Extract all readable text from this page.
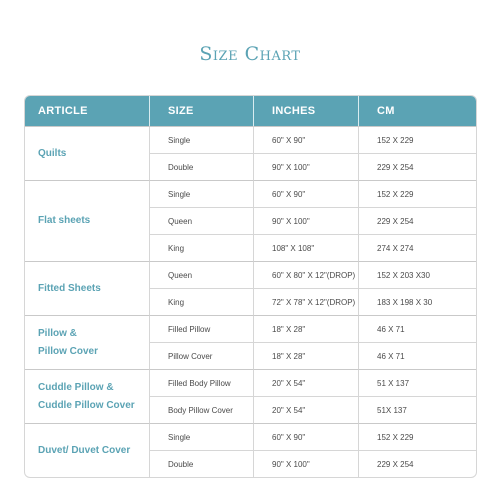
Size Chart
ARTICLE	SIZE	INCHES	CM
Quilts	Single	60" X 90"	152 X 229
	Double	90" X 100"	229 X 254
Flat sheets	Single	60" X 90"	152 X 229
	Queen	90" X 100"	229 X 254
	King	108" X 108"	274 X 274
Fitted Sheets	Queen	60" X 80" X 12"(DROP)	152 X 203 X30
	King	72" X 78" X 12"(DROP)	183 X 198 X 30
Pillow &
Pillow Cover	Filled Pillow	18" X 28"	46 X 71
	Pillow Cover	18" X 28"	46 X 71
Cuddle Pillow &
Cuddle Pillow Cover	Filled Body Pillow	20" X 54"	51 X 137
	Body Pillow Cover	20" X 54"	51X 137
Duvet/ Duvet Cover	Single	60" X 90"	152 X 229
	Double	90" X 100"	229 X 254
